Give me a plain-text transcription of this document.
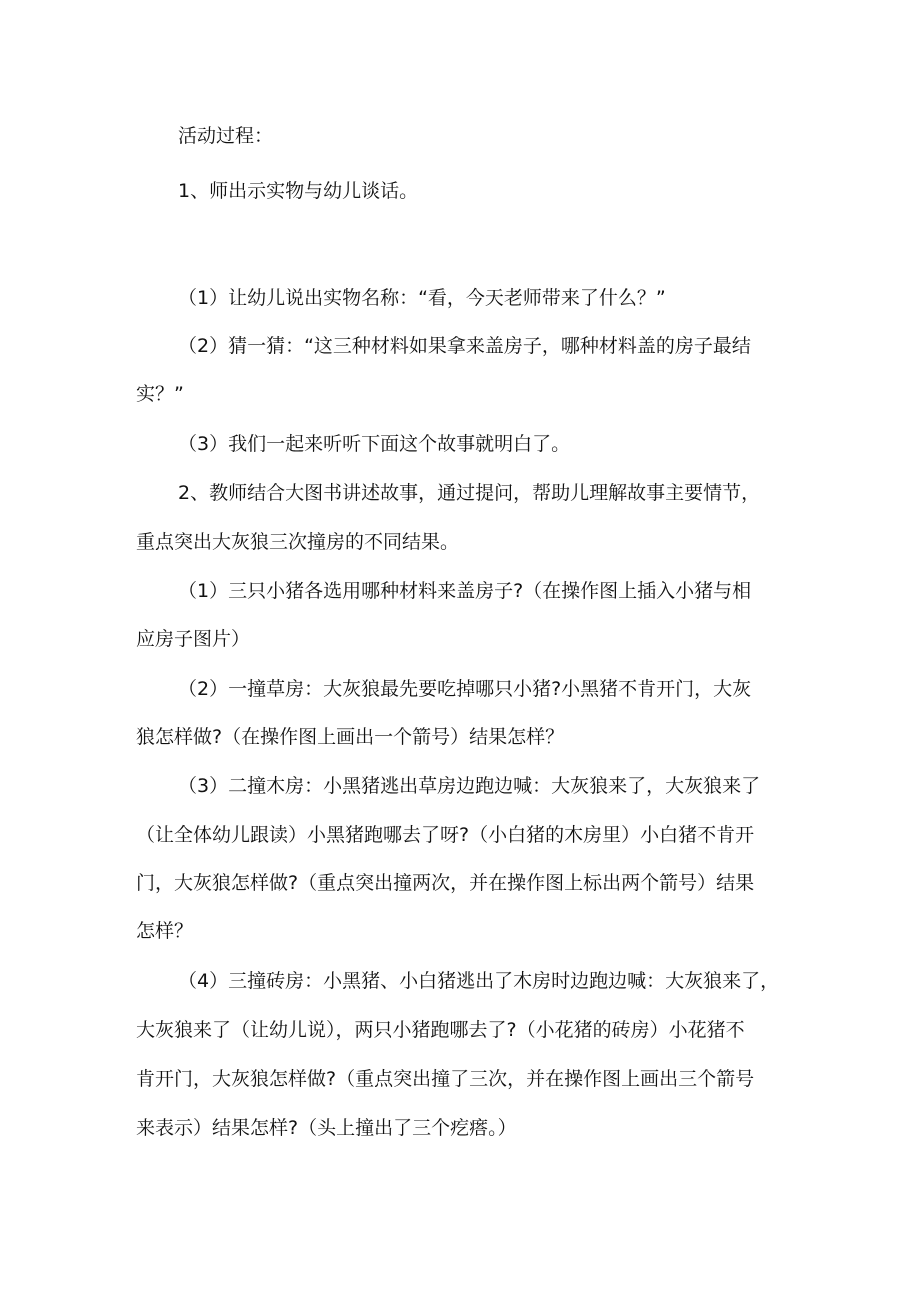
活动过程：

1、师出示实物与幼儿谈话。

（1）让幼儿说出实物名称：“看，今天老师带来了什么？”

（2）猜一猜：“这三种材料如果拿来盖房子，哪种材料盖的房子最结

实？”

（3）我们一起来听听下面这个故事就明白了。

2、教师结合大图书讲述故事，通过提问，帮助儿理解故事主要情节，

重点突出大灰狼三次撞房的不同结果。

（1）三只小猪各选用哪种材料来盖房子?（在操作图上插入小猪与相

应房子图片）

（2）一撞草房：大灰狼最先要吃掉哪只小猪?小黑猪不肯开门，大灰

狼怎样做?（在操作图上画出一个箭号）结果怎样？

（3）二撞木房：小黑猪逃出草房边跑边喊：大灰狼来了，大灰狼来了

（让全体幼儿跟读）小黑猪跑哪去了呀?（小白猪的木房里）小白猪不肯开

门，大灰狼怎样做?（重点突出撞两次，并在操作图上标出两个箭号）结果

怎样？

（4）三撞砖房：小黑猪、小白猪逃出了木房时边跑边喊：大灰狼来了，

大灰狼来了（让幼儿说），两只小猪跑哪去了?（小花猪的砖房）小花猪不

肯开门，大灰狼怎样做?（重点突出撞了三次，并在操作图上画出三个箭号

来表示）结果怎样?（头上撞出了三个疙瘩。）
